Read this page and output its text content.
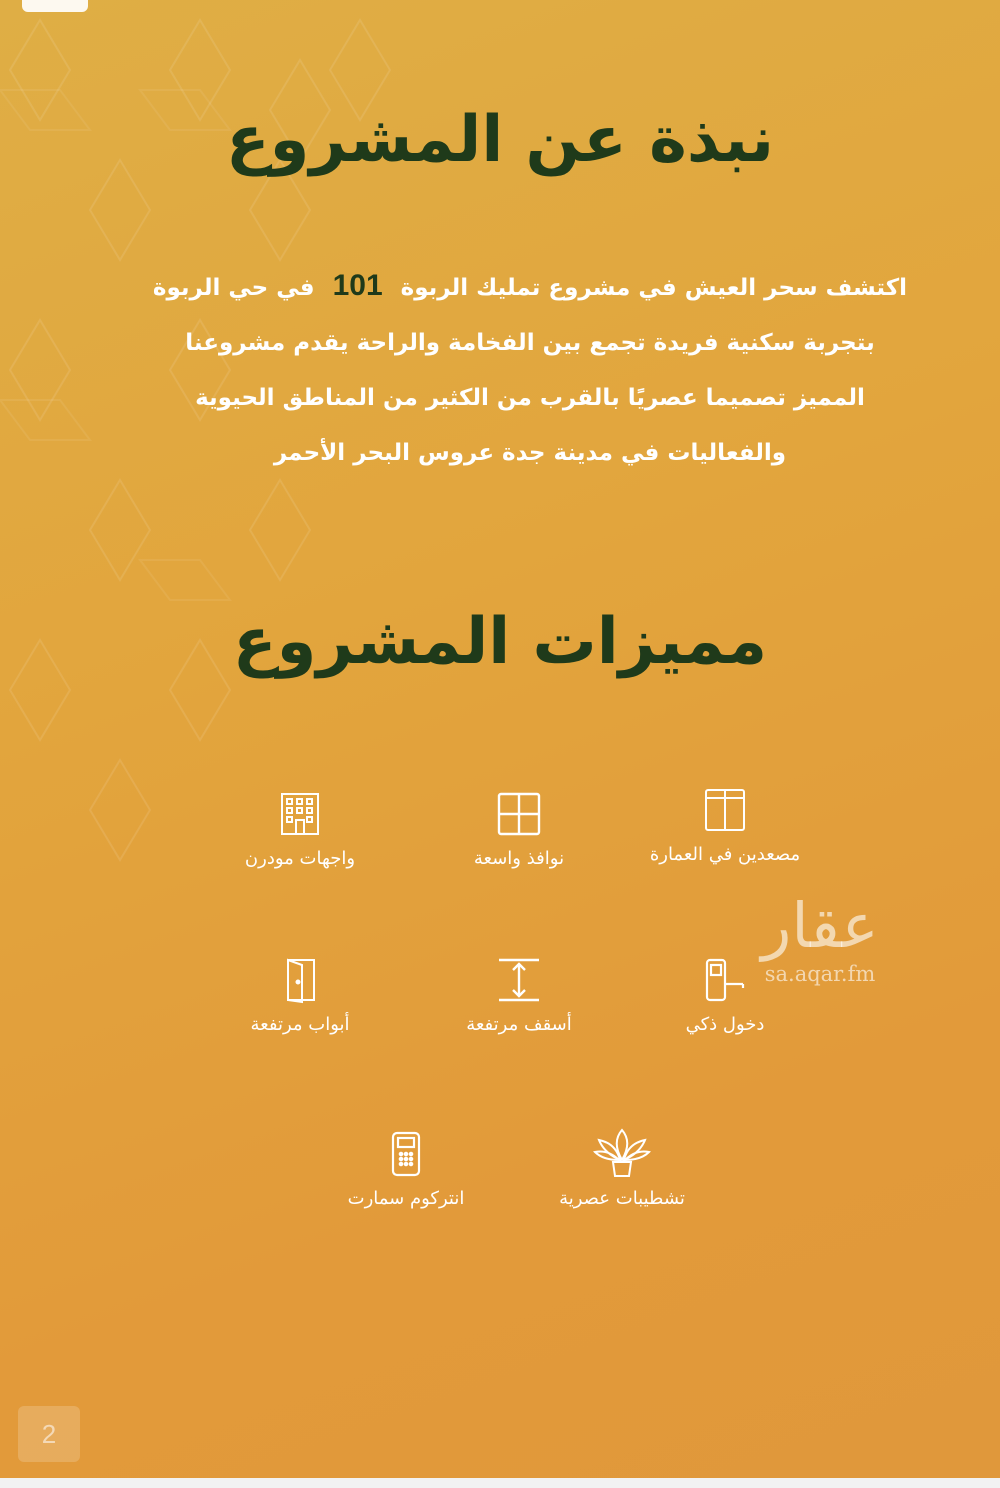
نبذة عن المشروع

اكتشف سحر العيش في مشروع تمليك الربوة 101 في حي الربوة
بتجربة سكنية فريدة تجمع بين الفخامة والراحة يقدم مشروعنا
المميز تصميما عصريًا بالقرب من الكثير من المناطق الحيوية
والفعاليات في مدينة جدة عروس البحر الأحمر

مميزات المشروع
مصعدين في العمارة
نوافذ واسعة
واجهات مودرن
دخول ذكي
أسقف مرتفعة
أبواب مرتفعة
تشطيبات عصرية
انتركوم سمارت
عقار
sa.aqar.fm
2
